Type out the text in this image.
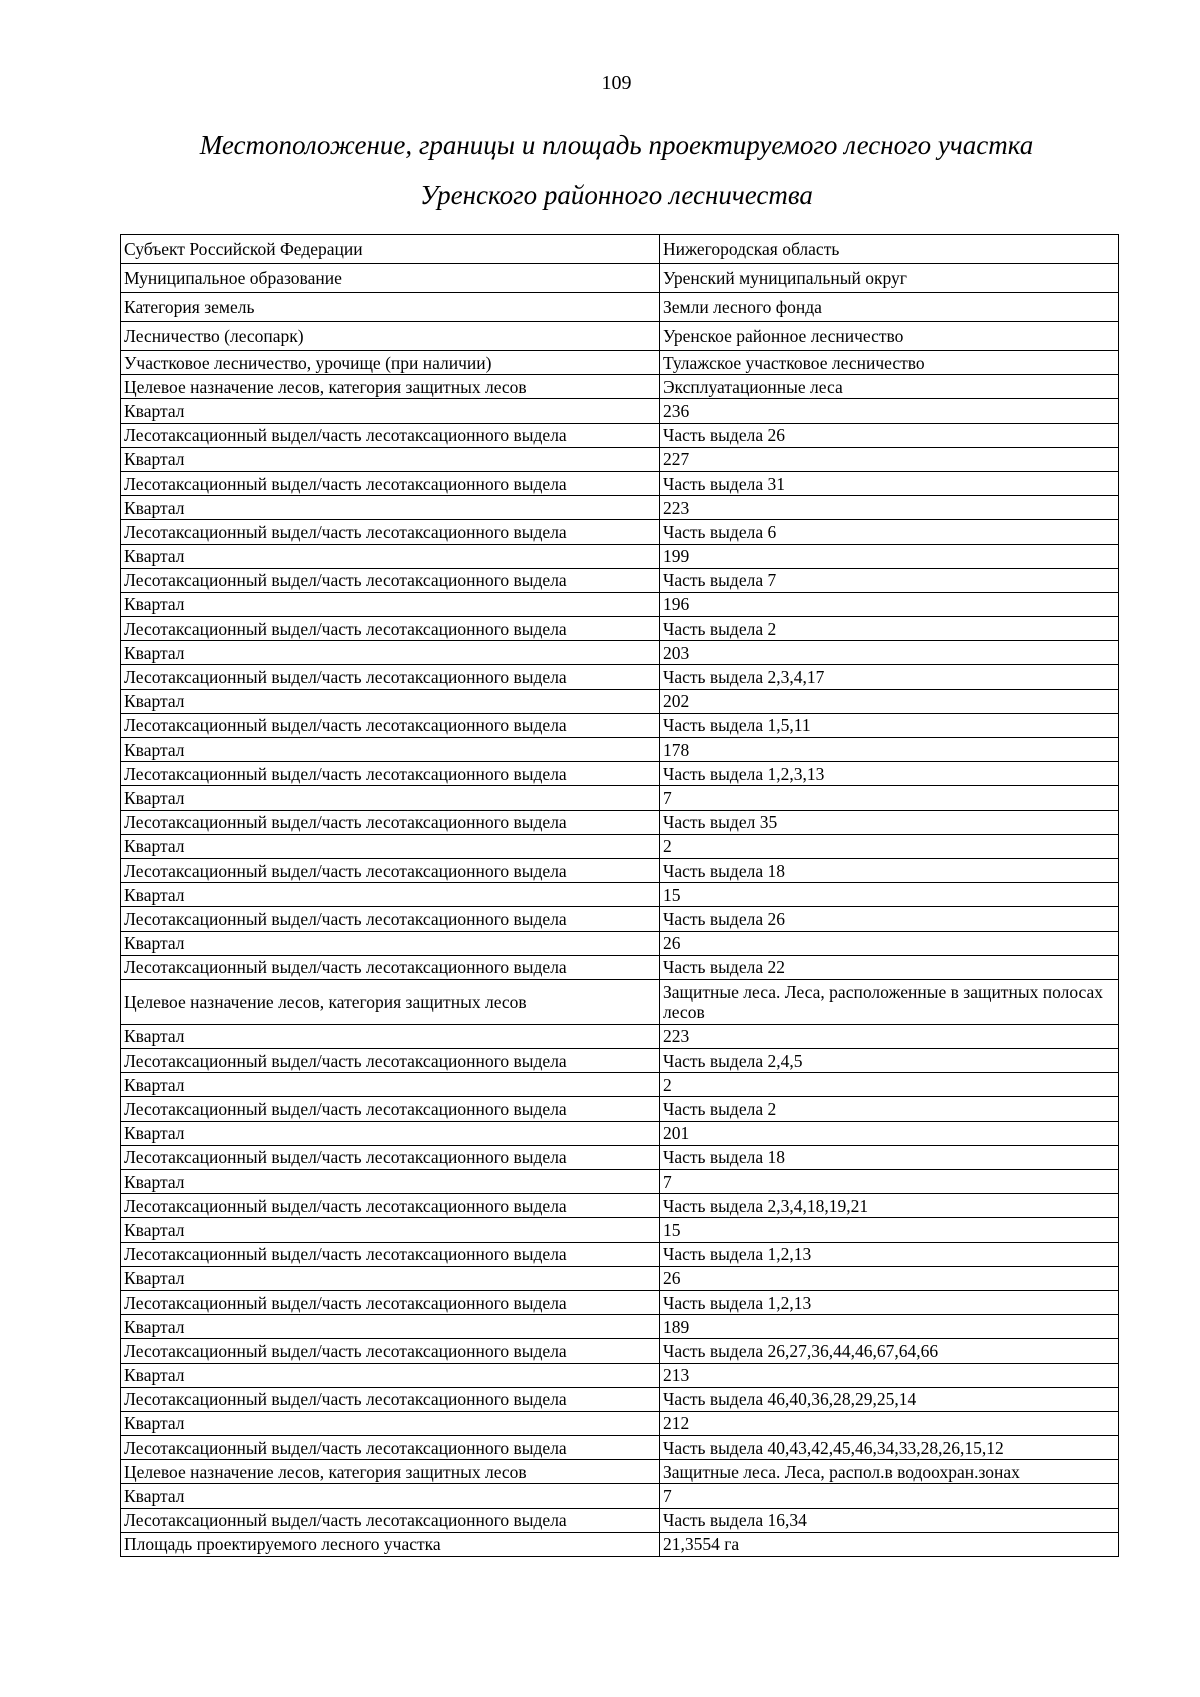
109
Местоположение, границы и площадь проектируемого лесного участка
Уренского районного лесничества
Субъект Российской Федерации	Нижегородская область
Муниципальное образование	Уренский муниципальный округ
Категория земель	Земли лесного фонда
Лесничество (лесопарк)	Уренское районное лесничество
Участковое лесничество, урочище (при наличии)	Тулажское участковое лесничество
Целевое назначение лесов, категория защитных лесов	Эксплуатационные леса
Квартал	236
Лесотаксационный выдел/часть лесотаксационного выдела	Часть выдела 26
Квартал	227
Лесотаксационный выдел/часть лесотаксационного выдела	Часть выдела 31
Квартал	223
Лесотаксационный выдел/часть лесотаксационного выдела	Часть выдела 6
Квартал	199
Лесотаксационный выдел/часть лесотаксационного выдела	Часть выдела 7
Квартал	196
Лесотаксационный выдел/часть лесотаксационного выдела	Часть выдела 2
Квартал	203
Лесотаксационный выдел/часть лесотаксационного выдела	Часть выдела 2,3,4,17
Квартал	202
Лесотаксационный выдел/часть лесотаксационного выдела	Часть выдела 1,5,11
Квартал	178
Лесотаксационный выдел/часть лесотаксационного выдела	Часть выдела 1,2,3,13
Квартал	7
Лесотаксационный выдел/часть лесотаксационного выдела	Часть выдел 35
Квартал	2
Лесотаксационный выдел/часть лесотаксационного выдела	Часть выдела 18
Квартал	15
Лесотаксационный выдел/часть лесотаксационного выдела	Часть выдела 26
Квартал	26
Лесотаксационный выдел/часть лесотаксационного выдела	Часть выдела 22
Целевое назначение лесов, категория защитных лесов	Защитные леса. Леса, расположенные в защитных полосах лесов
Квартал	223
Лесотаксационный выдел/часть лесотаксационного выдела	Часть выдела 2,4,5
Квартал	2
Лесотаксационный выдел/часть лесотаксационного выдела	Часть выдела 2
Квартал	201
Лесотаксационный выдел/часть лесотаксационного выдела	Часть выдела 18
Квартал	7
Лесотаксационный выдел/часть лесотаксационного выдела	Часть выдела 2,3,4,18,19,21
Квартал	15
Лесотаксационный выдел/часть лесотаксационного выдела	Часть выдела 1,2,13
Квартал	26
Лесотаксационный выдел/часть лесотаксационного выдела	Часть выдела 1,2,13
Квартал	189
Лесотаксационный выдел/часть лесотаксационного выдела	Часть выдела 26,27,36,44,46,67,64,66
Квартал	213
Лесотаксационный выдел/часть лесотаксационного выдела	Часть выдела 46,40,36,28,29,25,14
Квартал	212
Лесотаксационный выдел/часть лесотаксационного выдела	Часть выдела 40,43,42,45,46,34,33,28,26,15,12
Целевое назначение лесов, категория защитных лесов	Защитные леса. Леса, распол.в водоохран.зонах
Квартал	7
Лесотаксационный выдел/часть лесотаксационного выдела	Часть выдела 16,34
Площадь проектируемого лесного участка	21,3554 га
